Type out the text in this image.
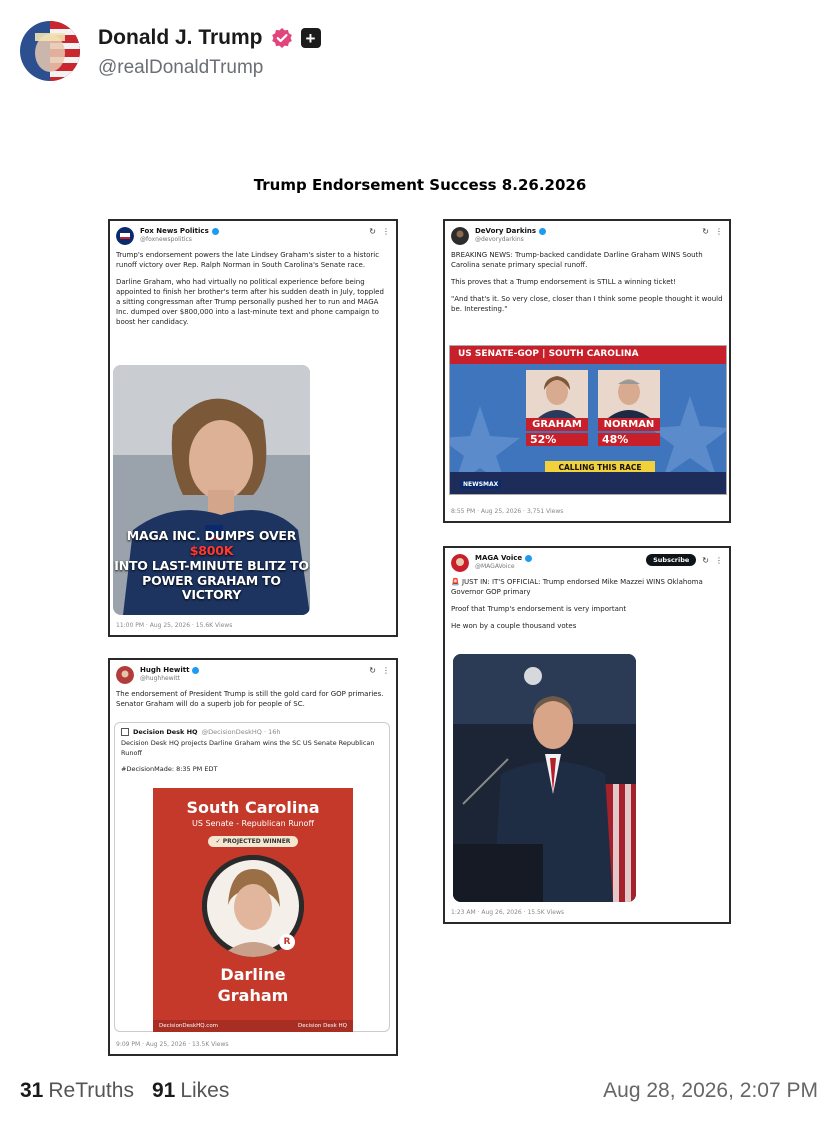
Donald J. Trump	+
@realDonaldTrump
Trump Endorsement Success 8.26.2026
Fox News Politics
@foxnewspolitics
↻ ⋮

Trump's endorsement powers the late Lindsey Graham's sister to a historic runoff victory over Rep. Ralph Norman in South Carolina's Senate race.

Darline Graham, who had virtually no political experience before being appointed to finish her brother's term after his sudden death in July, toppled a sitting congressman after Trump personally pushed her to run and MAGA Inc. dumped over $800,000 into a last-minute text and phone campaign to boost her candidacy.

MAGA INC. DUMPS OVER $800K
INTO LAST-MINUTE BLITZ TO POWER GRAHAM TO VICTORY
11:00 PM · Aug 25, 2026 · 15.6K Views
DeVory Darkins
@devorydarkins
↻ ⋮

BREAKING NEWS: Trump-backed candidate Darline Graham WINS South Carolina senate primary special runoff.

This proves that a Trump endorsement is STILL a winning ticket!

"And that's it. So very close, closer than I think some people thought it would be. Interesting."

US SENATE-GOP | SOUTH CAROLINA
GRAHAM
52%
NORMAN
48%
CALLING THIS RACE
NEWSMAX
8:55 PM · Aug 25, 2026 · 3,751 Views
Hugh Hewitt
@hughhewitt
↻ ⋮

The endorsement of President Trump is still the gold card for GOP primaries. Senator Graham will do a superb job for people of SC.

Decision Desk HQ @DecisionDeskHQ · 16h
Decision Desk HQ projects Darline Graham wins the SC US Senate Republican Runoff
#DecisionMade: 8:35 PM EDT
South Carolina
US Senate - Republican Runoff
✓ PROJECTED WINNER
R
Darline
Graham
DecisionDeskHQ.com	Decision Desk HQ
9:09 PM · Aug 25, 2026 · 13.5K Views
MAGA Voice
@MAGAVoice
Subscribe	↻ ⋮

🚨 JUST IN: IT'S OFFICIAL: Trump endorsed Mike Mazzei WINS Oklahoma Governor GOP primary

Proof that Trump's endorsement is very important

He won by a couple thousand votes

1:23 AM · Aug 26, 2026 · 15.5K Views
31 ReTruths 91 Likes	Aug 28, 2026, 2:07 PM
